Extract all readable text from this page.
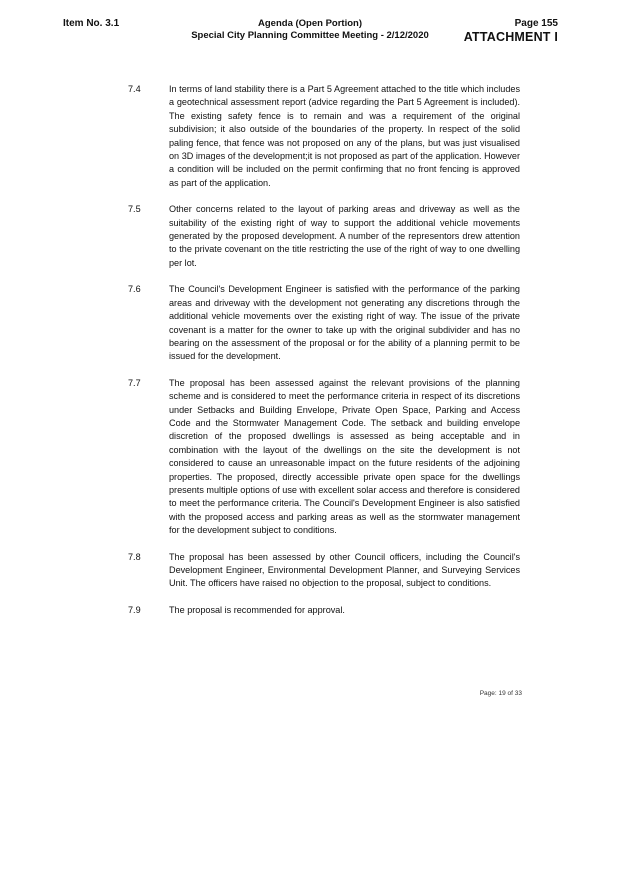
Item No. 3.1	Agenda (Open Portion)
Special City Planning Committee Meeting - 2/12/2020
Page 155
ATTACHMENT I
7.4	In terms of land stability there is a Part 5 Agreement attached to the title which includes a geotechnical assessment report (advice regarding the Part 5 Agreement is included). The existing safety fence is to remain and was a requirement of the original subdivision; it also outside of the boundaries of the property. In respect of the solid paling fence, that fence was not proposed on any of the plans, but was just visualised on 3D images of the development;it is not proposed as part of the application. However a condition will be included on the permit confirming that no front fencing is approved as part of the application.
7.5	Other concerns related to the layout of parking areas and driveway as well as the suitability of the existing right of way to support the additional vehicle movements generated by the proposed development. A number of the representors drew attention to the private covenant on the title restricting the use of the right of way to one dwelling per lot.
7.6	The Council's Development Engineer is satisfied with the performance of the parking areas and driveway with the development not generating any discretions through the additional vehicle movements over the existing right of way. The issue of the private covenant is a matter for the owner to take up with the original subdivider and has no bearing on the assessment of the proposal or for the ability of a planning permit to be issued for the development.
7.7	The proposal has been assessed against the relevant provisions of the planning scheme and is considered to meet the performance criteria in respect of its discretions under Setbacks and Building Envelope, Private Open Space, Parking and Access Code and the Stormwater Management Code. The setback and building envelope discretion of the proposed dwellings is assessed as being acceptable and in combination with the layout of the dwellings on the site the development is not considered to cause an unreasonable impact on the future residents of the adjoining properties. The proposed, directly accessible private open space for the dwellings presents multiple options of use with excellent solar access and therefore is considered to meet the performance criteria. The Council's Development Engineer is also satisfied with the proposed access and parking areas as well as the stormwater management for the development subject to conditions.
7.8	The proposal has been assessed by other Council officers, including the Council's Development Engineer, Environmental Development Planner, and Surveying Services Unit. The officers have raised no objection to the proposal, subject to conditions.
7.9	The proposal is recommended for approval.
Page: 19 of 33
